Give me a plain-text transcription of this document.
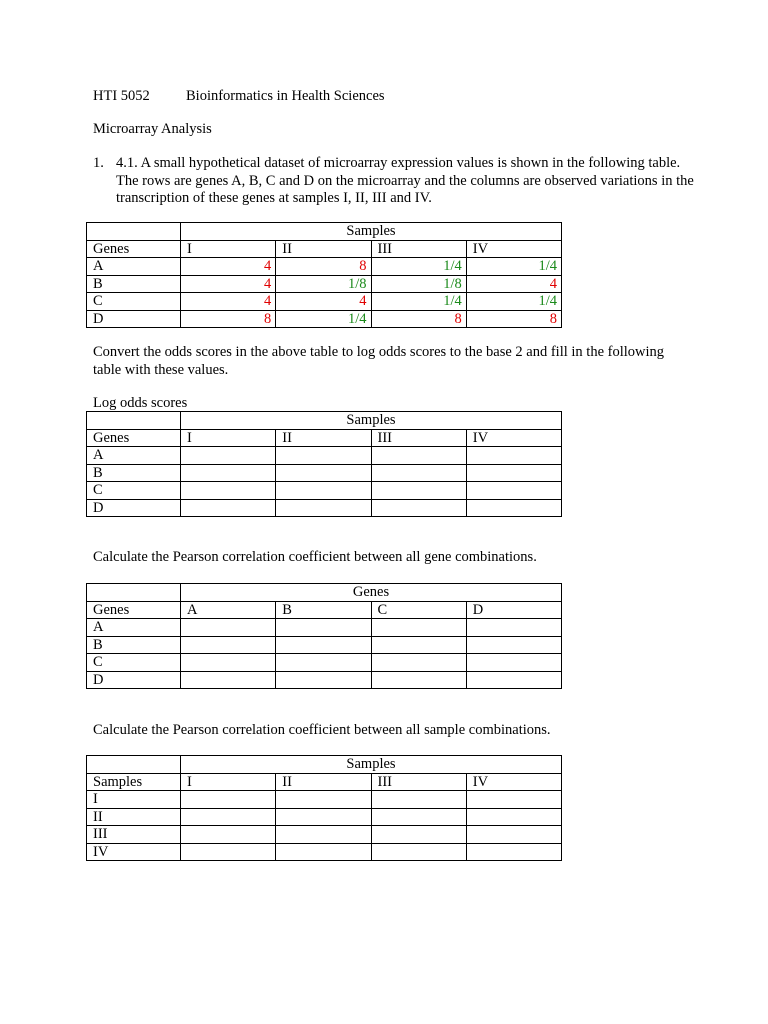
HTI 5052 Bioinformatics in Health Sciences
Microarray Analysis
1. 4.1. A small hypothetical dataset of microarray expression values is shown in the following table. The rows are genes A, B, C and D on the microarray and the columns are observed variations in the transcription of these genes at samples I, II, III and IV.
	Samples			
Genes	I	II	III	IV
A	4	8	1/4	1/4
B	4	1/8	1/8	4
C	4	4	1/4	1/4
D	8	1/4	8	8
Convert the odds scores in the above table to log odds scores to the base 2 and fill in the following table with these values.
Log odds scores
	Samples			
Genes	I	II	III	IV
A				
B				
C				
D				
Calculate the Pearson correlation coefficient between all gene combinations.
	Genes			
Genes	A	B	C	D
A				
B				
C				
D				
Calculate the Pearson correlation coefficient between all sample combinations.
	Samples			
Samples	I	II	III	IV
I				
II				
III				
IV				
